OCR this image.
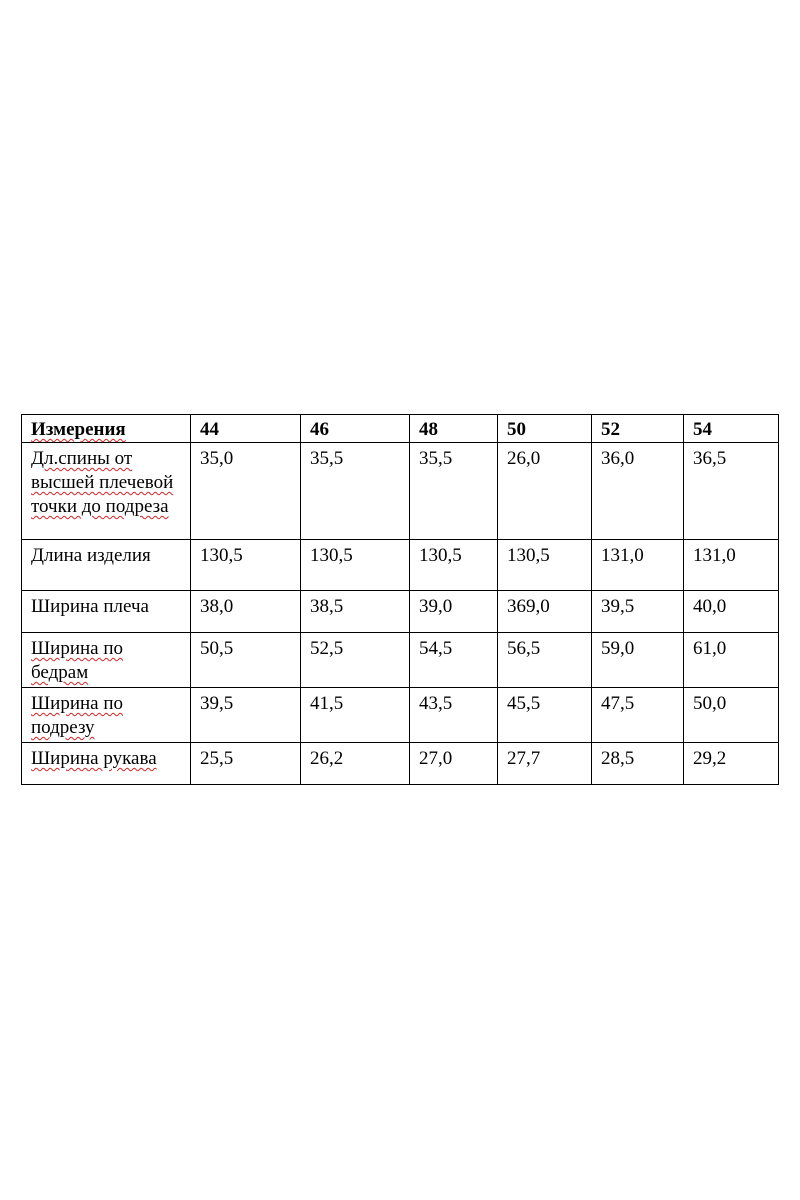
Измерения	44	46	48	50	52	54
Дл.спины от высшей плечевой точки до подреза	35,0	35,5	35,5	26,0	36,0	36,5
Длина изделия	130,5	130,5	130,5	130,5	131,0	131,0
Ширина плеча	38,0	38,5	39,0	369,0	39,5	40,0
Ширина по бедрам	50,5	52,5	54,5	56,5	59,0	61,0
Ширина по подрезу	39,5	41,5	43,5	45,5	47,5	50,0
Ширина рукава	25,5	26,2	27,0	27,7	28,5	29,2
